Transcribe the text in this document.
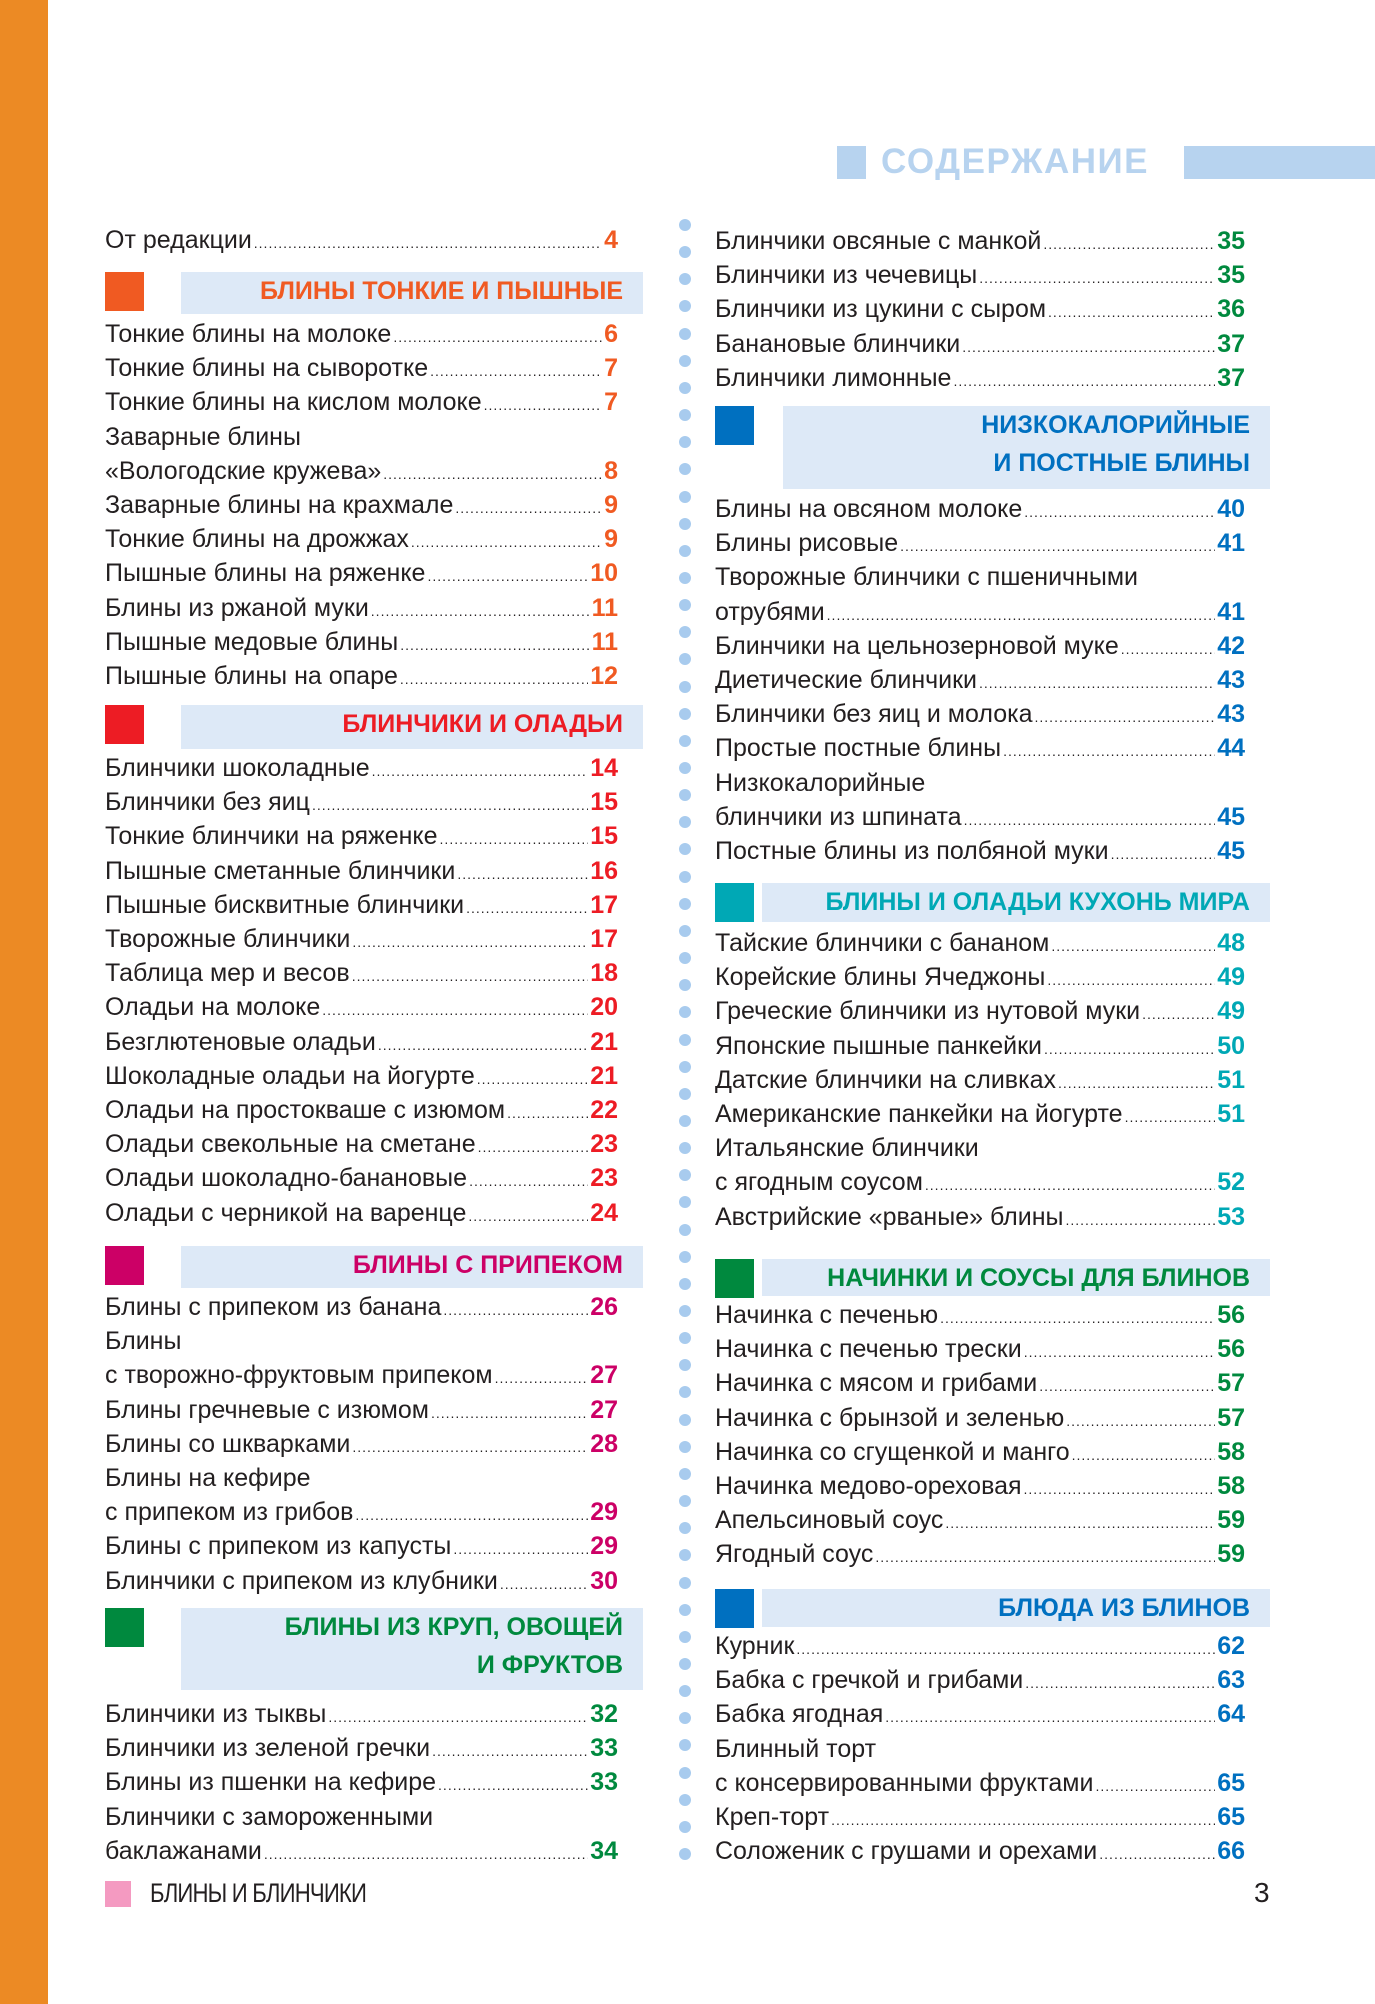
СОДЕРЖАНИЕ
От редакции .....	4
БЛИНЫ ТОНКИЕ И ПЫШНЫЕ
БЛИНЧИКИ И ОЛАДЬИ
БЛИНЫ С ПРИПЕКОМ
БЛИНЫ ИЗ КРУП, ОВОЩЕЙ
И ФРУКТОВ
Тонкие блины на молоке .....	6
Тонкие блины на сыворотке .....	7
Тонкие блины на кислом молоке .....	7
Заварные блины
«Вологодские кружева» .....	8
Заварные блины на крахмале .....	9
Тонкие блины на дрожжах .....	9
Пышные блины на ряженке .....	10
Блины из ржаной муки .....	11
Пышные медовые блины .....	11
Пышные блины на опаре .....	12
Блинчики шоколадные .....	14
Блинчики без яиц .....	15
Тонкие блинчики на ряженке .....	15
Пышные сметанные блинчики .....	16
Пышные бисквитные блинчики .....	17
Творожные блинчики .....	17
Таблица мер и весов .....	18
Оладьи на молоке .....	20
Безглютеновые оладьи .....	21
Шоколадные оладьи на йогурте .....	21
Оладьи на простокваше с изюмом .....	22
Оладьи свекольные на сметане .....	23
Оладьи шоколадно-банановые .....	23
Оладьи с черникой на варенце .....	24
Блины с припеком из банана .....	26
Блины
с творожно-фруктовым припеком .....	27
Блины гречневые с изюмом .....	27
Блины со шкварками .....	28
Блины на кефире
с припеком из грибов .....	29
Блины с припеком из капусты .....	29
Блинчики с припеком из клубники .....	30
Блинчики из тыквы .....	32
Блинчики из зеленой гречки .....	33
Блины из пшенки на кефире .....	33
Блинчики с замороженными
баклажанами .....	34
Блинчики овсяные с манкой .....	35
Блинчики из чечевицы .....	35
Блинчики из цукини с сыром .....	36
Банановые блинчики .....	37
Блинчики лимонные .....	37
НИЗКОКАЛОРИЙНЫЕ
И ПОСТНЫЕ БЛИНЫ
Блины на овсяном молоке .....	40
Блины рисовые .....	41
Творожные блинчики с пшеничными
отрубями .....	41
Блинчики на цельнозерновой муке .....	42
Диетические блинчики .....	43
Блинчики без яиц и молока .....	43
Простые постные блины .....	44
Низкокалорийные
блинчики из шпината .....	45
Постные блины из полбяной муки .....	45
БЛИНЫ И ОЛАДЬИ КУХОНЬ МИРА
Тайские блинчики с бананом .....	48
Корейские блины Ячеджоны .....	49
Греческие блинчики из нутовой муки .....	49
Японские пышные панкейки .....	50
Датские блинчики на сливках .....	51
Американские панкейки на йогурте .....	51
Итальянские блинчики
с ягодным соусом .....	52
Австрийские «рваные» блины .....	53
НАЧИНКИ И СОУСЫ ДЛЯ БЛИНОВ
Начинка с печенью .....	56
Начинка с печенью трески .....	56
Начинка с мясом и грибами .....	57
Начинка с брынзой и зеленью .....	57
Начинка со сгущенкой и манго .....	58
Начинка медово-ореховая .....	58
Апельсиновый соус .....	59
Ягодный соус .....	59
БЛЮДА ИЗ БЛИНОВ
Курник .....	62
Бабка с гречкой и грибами .....	63
Бабка ягодная .....	64
Блинный торт
с консервированными фруктами .....	65
Креп-торт .....	65
Соложеник с грушами и орехами .....	66
БЛИНЫ И БЛИНЧИКИ	3
